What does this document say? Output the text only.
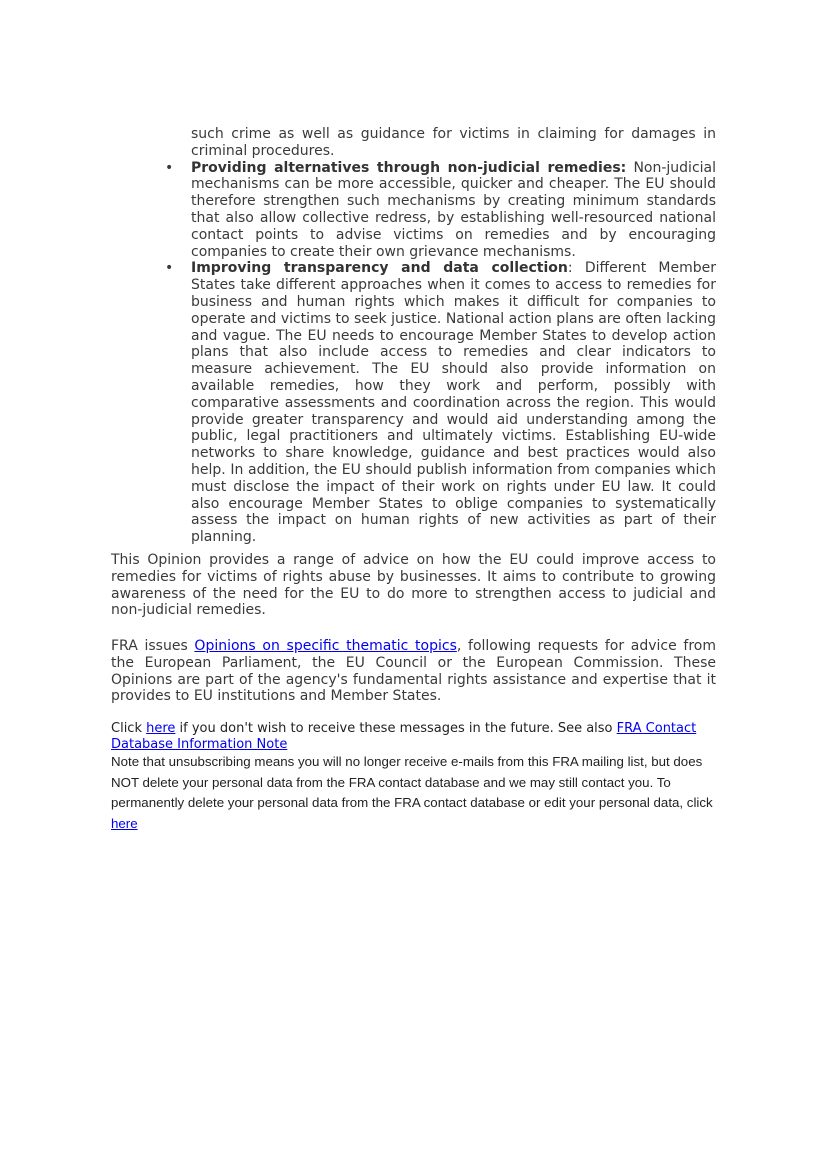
such crime as well as guidance for victims in claiming for damages in criminal procedures.

• Providing alternatives through non-judicial remedies: Non-judicial mechanisms can be more accessible, quicker and cheaper. The EU should therefore strengthen such mechanisms by creating minimum standards that also allow collective redress, by establishing well-resourced national contact points to advise victims on remedies and by encouraging companies to create their own grievance mechanisms.
• Improving transparency and data collection: Different Member States take different approaches when it comes to access to remedies for business and human rights which makes it difficult for companies to operate and victims to seek justice. National action plans are often lacking and vague. The EU needs to encourage Member States to develop action plans that also include access to remedies and clear indicators to measure achievement. The EU should also provide information on available remedies, how they work and perform, possibly with comparative assessments and coordination across the region. This would provide greater transparency and would aid understanding among the public, legal practitioners and ultimately victims. Establishing EU-wide networks to share knowledge, guidance and best practices would also help. In addition, the EU should publish information from companies which must disclose the impact of their work on rights under EU law. It could also encourage Member States to oblige companies to systematically assess the impact on human rights of new activities as part of their planning.

This Opinion provides a range of advice on how the EU could improve access to remedies for victims of rights abuse by businesses. It aims to contribute to growing awareness of the need for the EU to do more to strengthen access to judicial and non-judicial remedies.

FRA issues Opinions on specific thematic topics, following requests for advice from the European Parliament, the EU Council or the European Commission. These Opinions are part of the agency's fundamental rights assistance and expertise that it provides to EU institutions and Member States.

Click here if you don't wish to receive these messages in the future. See also FRA Contact Database Information Note

Note that unsubscribing means you will no longer receive e-mails from this FRA mailing list, but does NOT delete your personal data from the FRA contact database and we may still contact you. To permanently delete your personal data from the FRA contact database or edit your personal data, click here
